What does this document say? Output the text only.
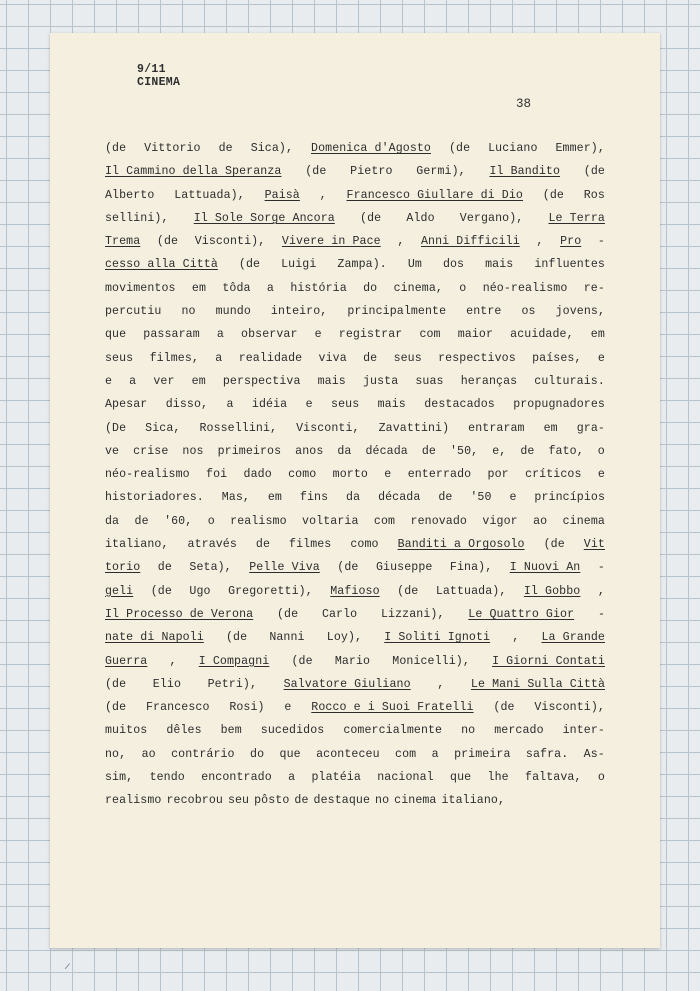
9/11
CINEMA
38
(de Vittorio de Sica), Domenica d'Agosto (de Luciano Emmer),
Il Cammino della Speranza (de Pietro Germi), Il Bandito (de
Alberto Lattuada), Paisà , Francesco Giullare di Dio (de Ros
sellini), Il Sole Sorge Ancora (de Aldo Vergano), Le Terra
Trema (de Visconti), Vivere in Pace , Anni Difficili , Pro -
cesso alla Città (de Luigi Zampa). Um dos mais influentes
movimentos em tôda a história do cinema, o néo-realismo re-
percutiu no mundo inteiro, principalmente entre os jovens,
que passaram a observar e registrar com maior acuidade, em
seus filmes, a realidade viva de seus respectivos países, e
e a ver em perspectiva mais justa suas heranças culturais.
Apesar disso, a idéia e seus mais destacados propugnadores
(De Sica, Rossellini, Visconti, Zavattini) entraram em gra-
ve crise nos primeiros anos da década de '50, e, de fato, o
néo-realismo foi dado como morto e enterrado por críticos e
historiadores. Mas, em fins da década de '50 e princípios
da de '60, o realismo voltaria com renovado vigor ao cinema
italiano, através de filmes como Banditi a Orgosolo (de Vit
torio de Seta), Pelle Viva (de Giuseppe Fina), I Nuovi An -
geli (de Ugo Gregoretti), Mafioso (de Lattuada), Il Gobbo ,
Il Processo de Verona (de Carlo Lizzani), Le Quattro Gior -
nate di Napoli (de Nanni Loy), I Soliti Ignoti , La Grande
Guerra , I Compagni (de Mario Monicelli), I Giorni Contati
(de Elio Petri), Salvatore Giuliano , Le Mani Sulla Città
(de Francesco Rosi) e Rocco e i Suoi Fratelli (de Visconti),
muitos dêles bem sucedidos comercialmente no mercado inter-
no, ao contrário do que aconteceu com a primeira safra. As-
sim, tendo encontrado a platéia nacional que lhe faltava, o
realismo recobrou seu pôsto de destaque no cinema italiano,
